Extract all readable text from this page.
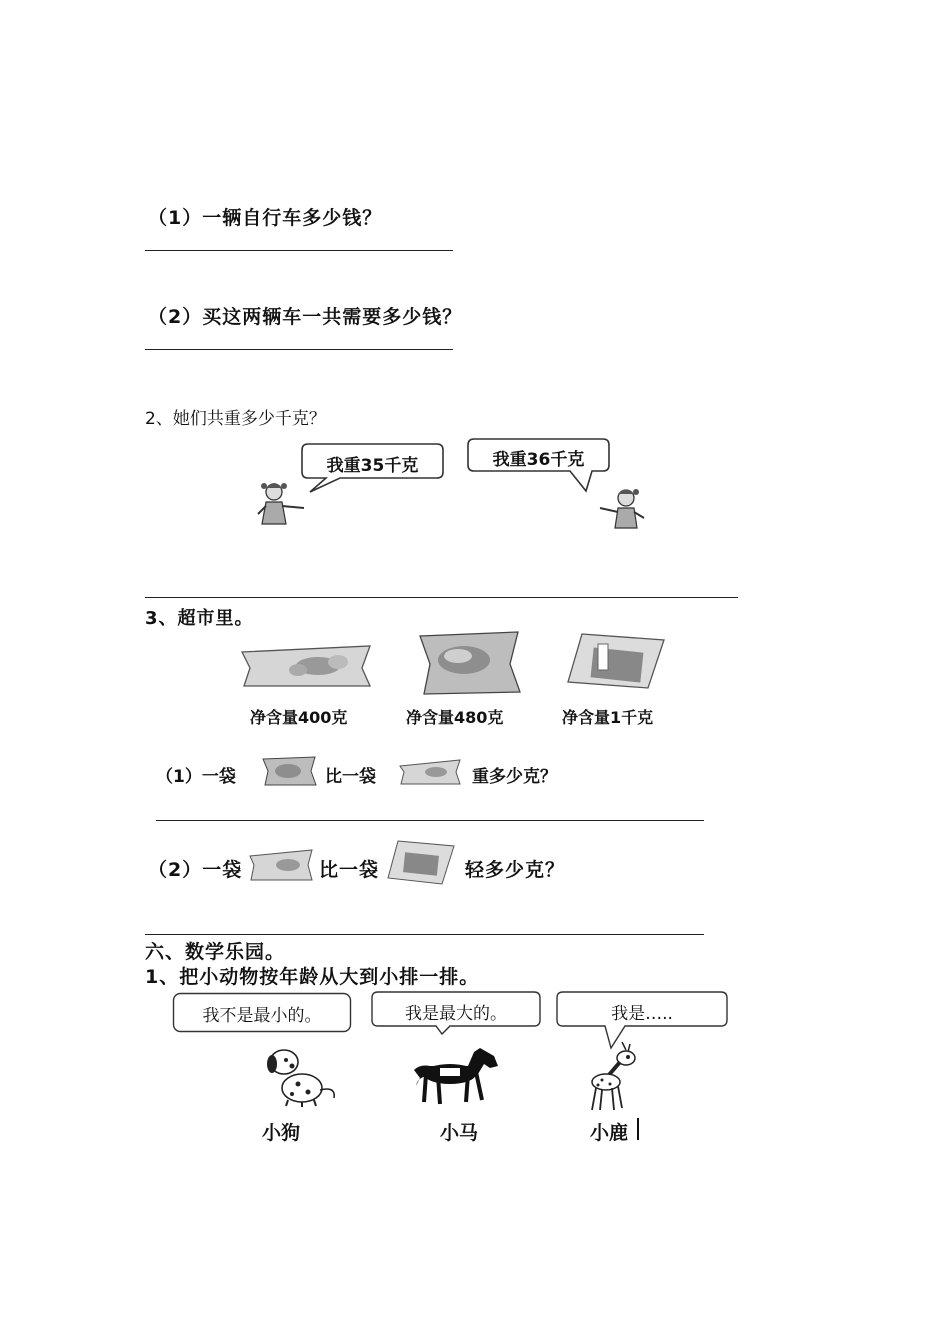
（1）一辆自行车多少钱？
（2）买这两辆车一共需要多少钱？
2、她们共重多少千克？
我重35千克	我重36千克
3、超市里。
净含量400克	净含量480克	净含量1千克
（1）一袋	比一袋	重多少克？
（2）一袋	比一袋	轻多少克？
六、数学乐园。
1、把小动物按年龄从大到小排一排。
我不是最小的。	我是最大的。	我是…..
小狗	小马	小鹿
